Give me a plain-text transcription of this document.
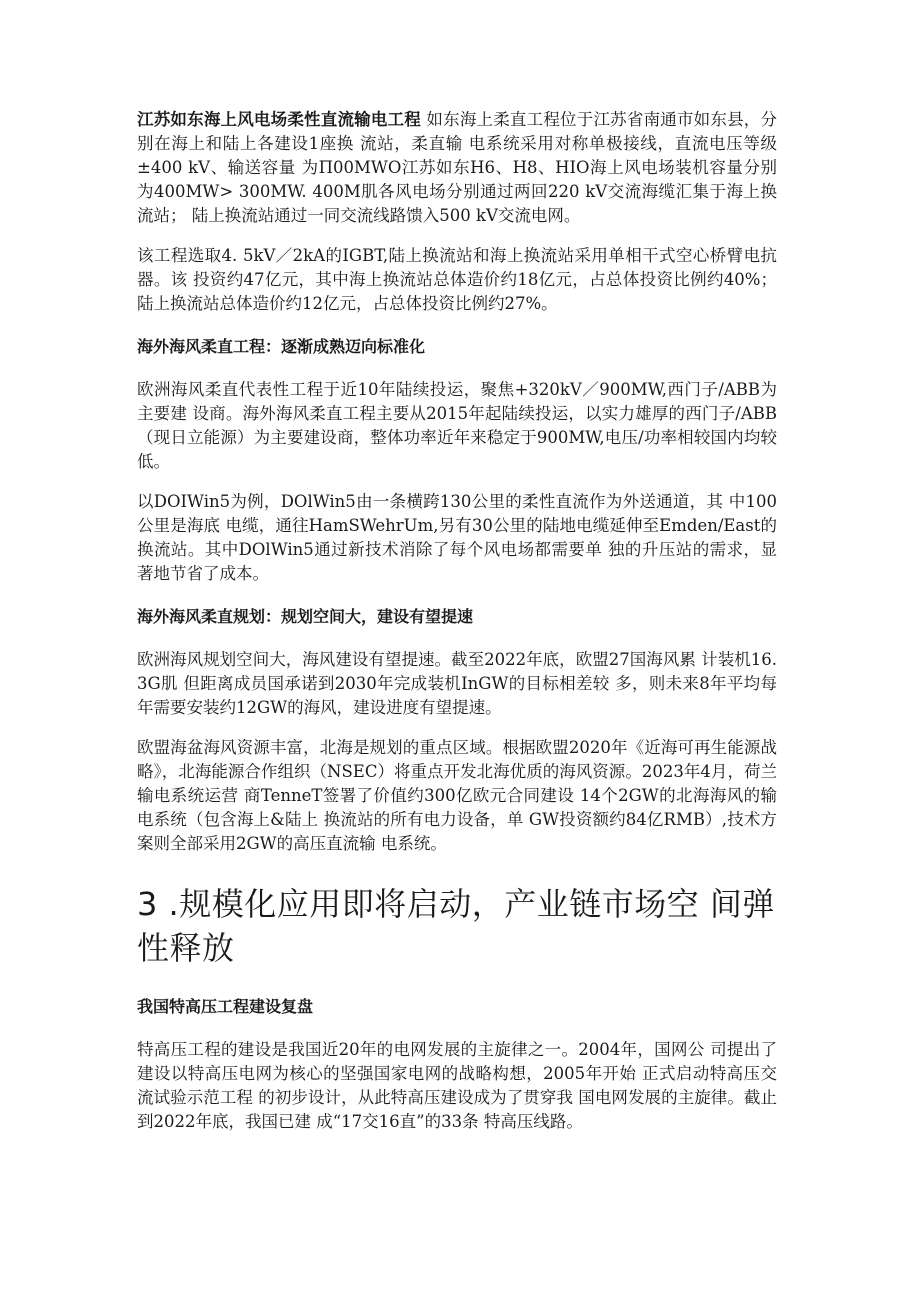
江苏如东海上风电场柔性直流输电工程 如东海上柔直工程位于江苏省南通市如东县，分别在海上和陆上各建设1座换 流站，柔直输 电系统采用对称单极接线，直流电压等级±400 kV、输送容量 为Π00MWO江苏如东H6、H8、HIO海上风电场装机容量分别为400MW> 300MW. 400M肌各风电场分别通过两回220 kV交流海缆汇集于海上换流站； 陆上换流站通过一同交流线路馈入500 kV交流电网。

该工程选取4. 5kV／2kA的IGBT,陆上换流站和海上换流站采用单相干式空心桥臂电抗器。该 投资约47亿元，其中海上换流站总体造价约18亿元，占总体投资比例约40%；陆上换流站总体造价约12亿元，占总体投资比例约27%。

海外海风柔直工程：逐渐成熟迈向标准化

欧洲海风柔直代表性工程于近10年陆续投运，聚焦+320kV／900MW,西门子/ABB为主要建 设商。海外海风柔直工程主要从2015年起陆续投运，以实力雄厚的西门子/ABB （现日立能源）为主要建设商，整体功率近年来稳定于900MW,电压/功率相较国内均较低。

以DOIWin5为例，DOlWin5由一条横跨130公里的柔性直流作为外送通道，其 中100公里是海底 电缆，通往HamSWehrUm,另有30公里的陆地电缆延伸至Emden/East的换流站。其中DOlWin5通过新技术消除了每个风电场都需要单 独的升压站的需求，显著地节省了成本。

海外海风柔直规划：规划空间大，建设有望提速

欧洲海风规划空间大，海风建设有望提速。截至2022年底，欧盟27国海风累 计装机16. 3G肌 但距离成员国承诺到2030年完成装机InGW的目标相差较 多，则未来8年平均每年需要安装约12GW的海风，建设进度有望提速。

欧盟海盆海风资源丰富，北海是规划的重点区域。根据欧盟2020年《近海可再生能源战略》，北海能源合作组织（NSEC）将重点开发北海优质的海风资源。2023年4月，荷兰输电系统运营 商TenneT签署了价值约300亿欧元合同建设 14个2GW的北海海风的输电系统（包含海上&陆上 换流站的所有电力设备，单 GW投资额约84亿RMB）,技术方案则全部采用2GW的高压直流输 电系统。

3 .规模化应用即将启动，产业链市场空 间弹性释放
我国特高压工程建设复盘

特高压工程的建设是我国近20年的电网发展的主旋律之一。2004年，国网公 司提出了建设以特高压电网为核心的坚强国家电网的战略构想，2005年开始 正式启动特高压交流试验示范工程 的初步设计，从此特高压建设成为了贯穿我 国电网发展的主旋律。截止到2022年底，我国已建 成“17交16直”的33条 特高压线路。
